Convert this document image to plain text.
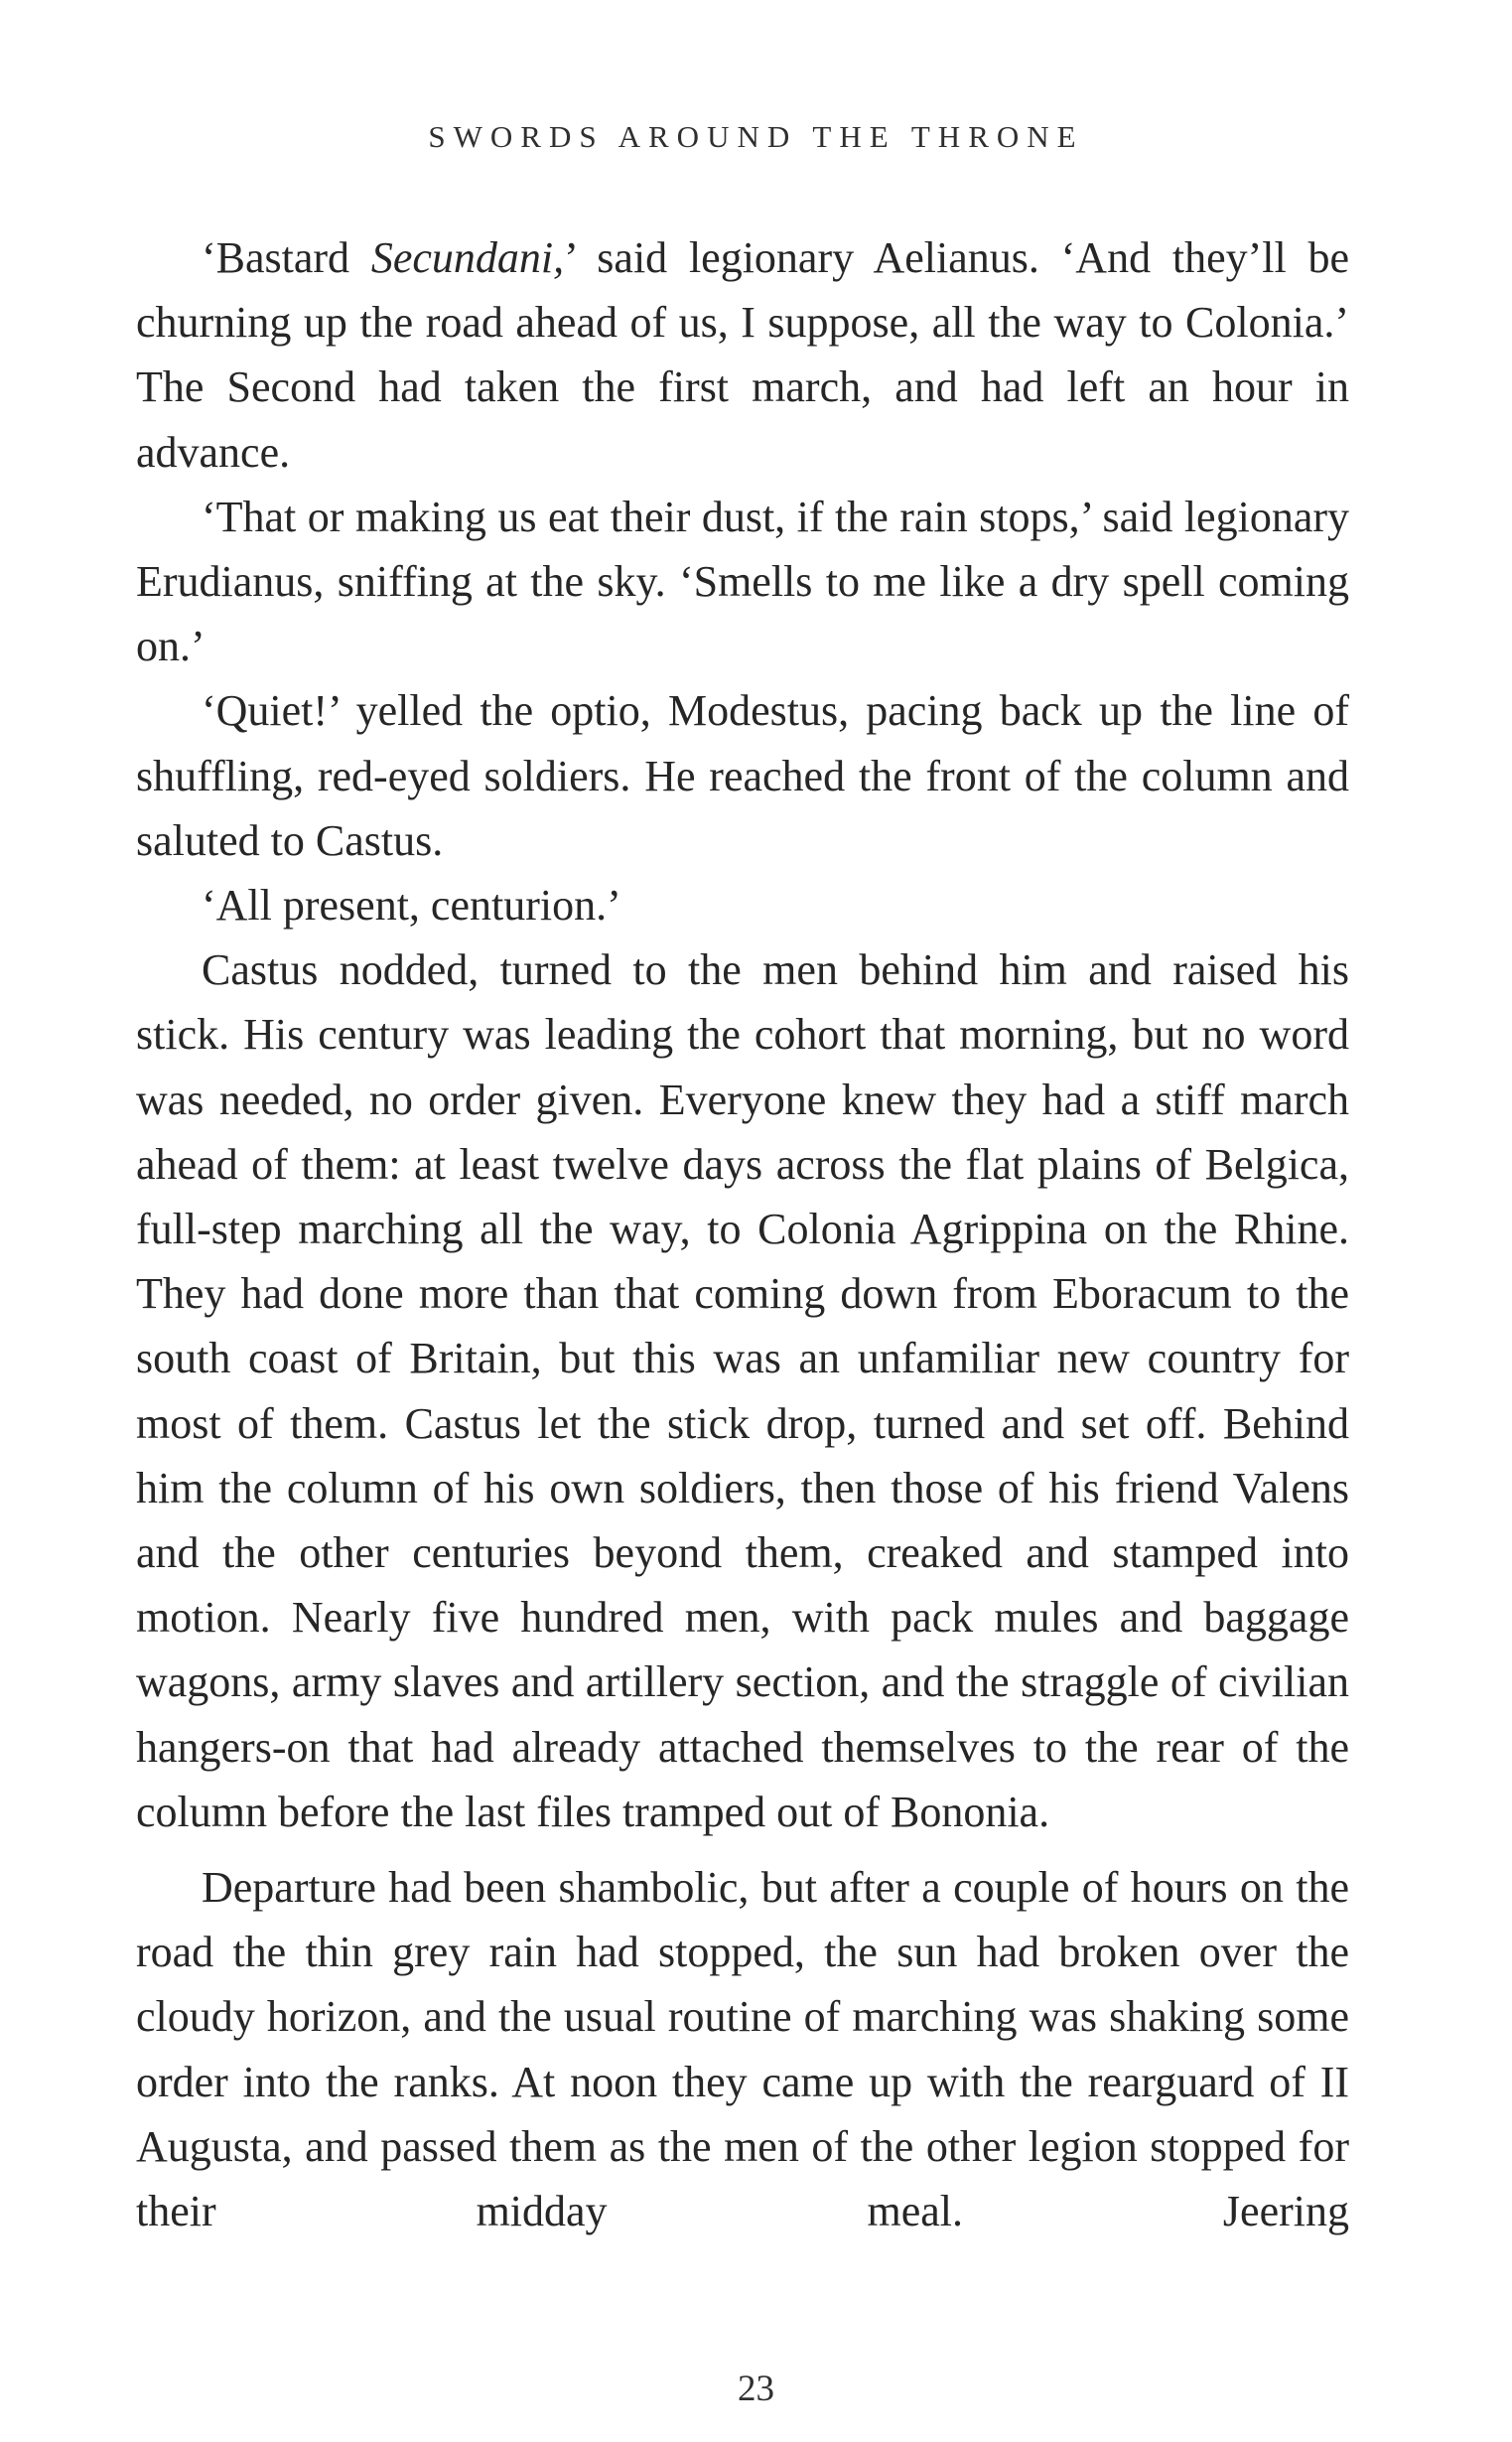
SWORDS AROUND THE THRONE

‘Bastard Secundani,’ said legionary Aelianus. ‘And they’ll be churning up the road ahead of us, I suppose, all the way to Colonia.’ The Second had taken the first march, and had left an hour in advance.

‘That or making us eat their dust, if the rain stops,’ said legionary Erudianus, sniffing at the sky. ‘Smells to me like a dry spell coming on.’

‘Quiet!’ yelled the optio, Modestus, pacing back up the line of shuffling, red-eyed soldiers. He reached the front of the column and saluted to Castus.

‘All present, centurion.’

Castus nodded, turned to the men behind him and raised his stick. His century was leading the cohort that morning, but no word was needed, no order given. Everyone knew they had a stiff march ahead of them: at least twelve days across the flat plains of Belgica, full-step marching all the way, to Colonia Agrippina on the Rhine. They had done more than that coming down from Eboracum to the south coast of Britain, but this was an unfamiliar new country for most of them. Castus let the stick drop, turned and set off. Behind him the column of his own soldiers, then those of his friend Valens and the other centuries beyond them, creaked and stamped into motion. Nearly five hundred men, with pack mules and baggage wagons, army slaves and artillery section, and the straggle of civilian hangers-on that had already attached themselves to the rear of the column before the last files tramped out of Bononia.

Departure had been shambolic, but after a couple of hours on the road the thin grey rain had stopped, the sun had broken over the cloudy horizon, and the usual routine of marching was shaking some order into the ranks. At noon they came up with the rearguard of II Augusta, and passed them as the men of the other legion stopped for their midday meal. Jeering

23
